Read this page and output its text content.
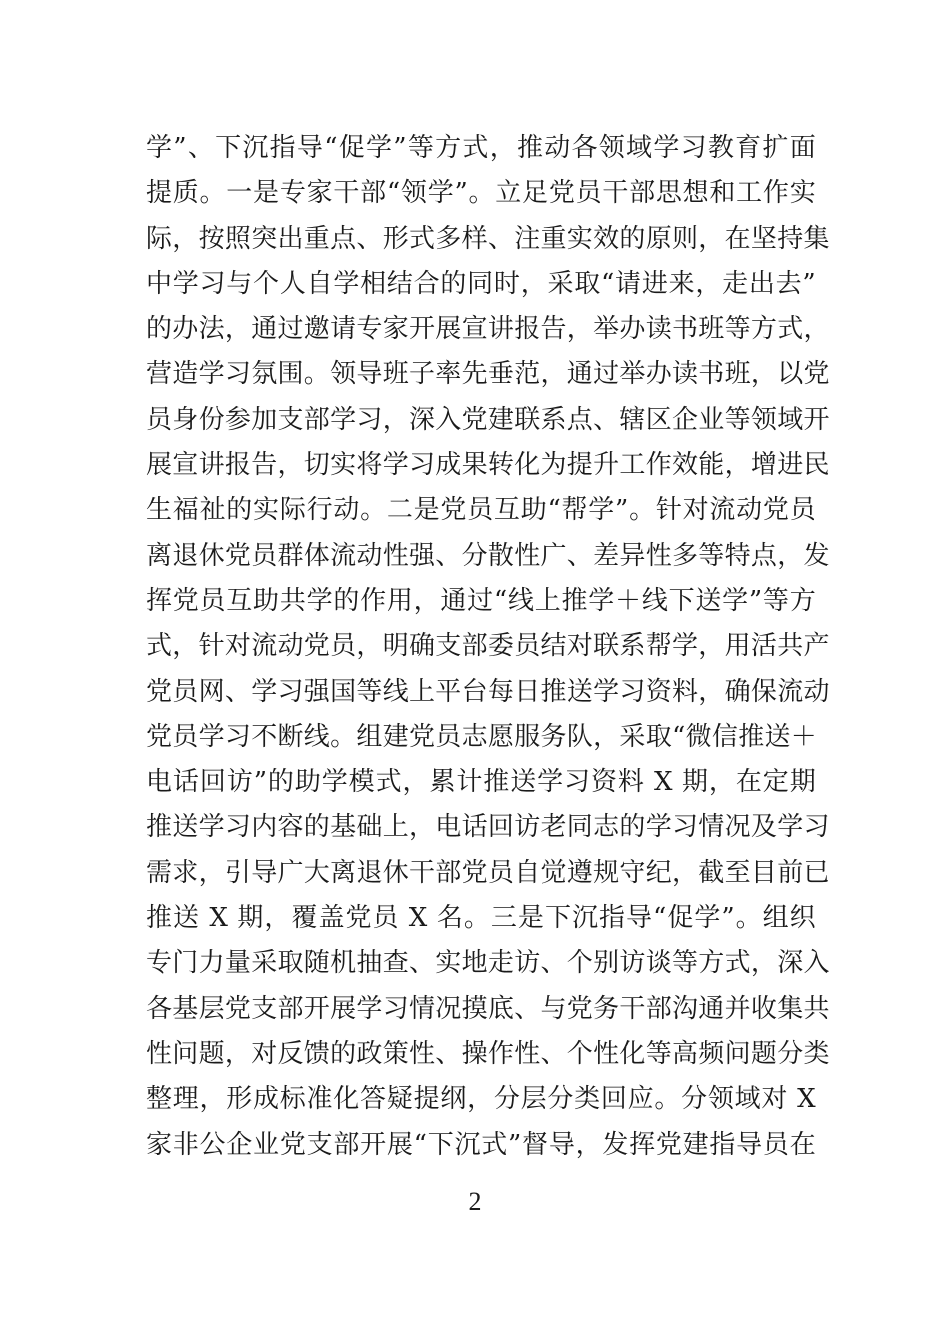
学”、下沉指导“促学”等方式，推动各领域学习教育扩面
提质。一是专家干部“领学”。立足党员干部思想和工作实
际，按照突出重点、形式多样、注重实效的原则，在坚持集
中学习与个人自学相结合的同时，采取“请进来，走出去”
的办法，通过邀请专家开展宣讲报告，举办读书班等方式，
营造学习氛围。领导班子率先垂范，通过举办读书班，以党
员身份参加支部学习，深入党建联系点、辖区企业等领域开
展宣讲报告，切实将学习成果转化为提升工作效能，增进民
生福祉的实际行动。二是党员互助“帮学”。针对流动党员
离退休党员群体流动性强、分散性广、差异性多等特点，发
挥党员互助共学的作用，通过“线上推学＋线下送学”等方
式，针对流动党员，明确支部委员结对联系帮学，用活共产
党员网、学习强国等线上平台每日推送学习资料，确保流动
党员学习不断线。组建党员志愿服务队，采取“微信推送＋
电话回访”的助学模式，累计推送学习资料 X 期，在定期
推送学习内容的基础上，电话回访老同志的学习情况及学习
需求，引导广大离退休干部党员自觉遵规守纪，截至目前已
推送 X 期，覆盖党员 X 名。三是下沉指导“促学”。组织
专门力量采取随机抽查、实地走访、个别访谈等方式，深入
各基层党支部开展学习情况摸底、与党务干部沟通并收集共
性问题，对反馈的政策性、操作性、个性化等高频问题分类
整理，形成标准化答疑提纲，分层分类回应。分领域对 X
家非公企业党支部开展“下沉式”督导，发挥党建指导员在
2
